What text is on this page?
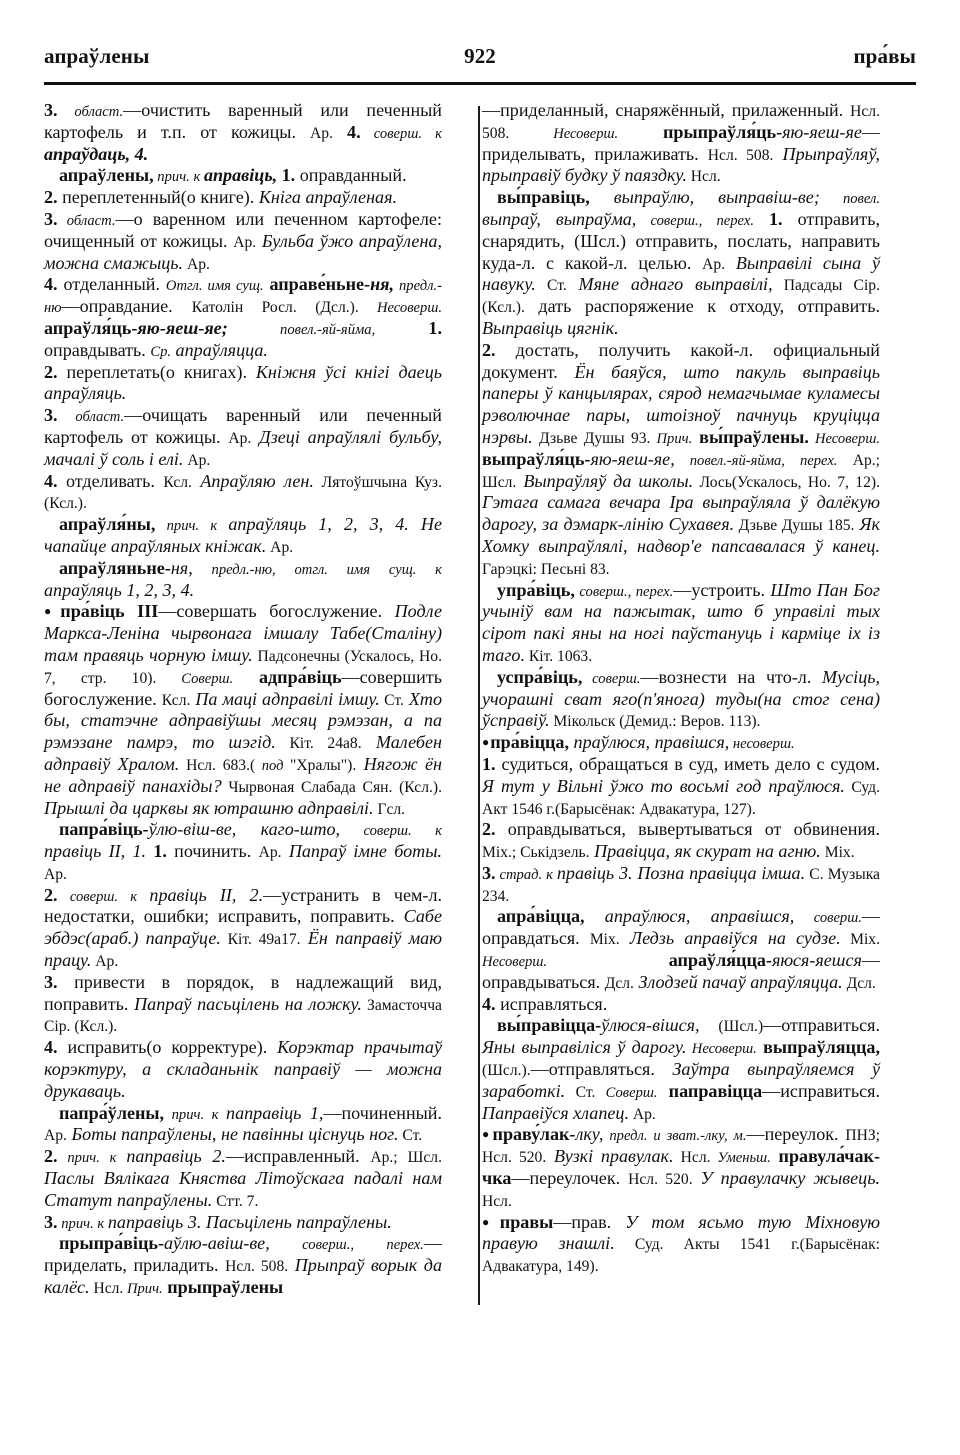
апраўлены	922	пра́вы

3. област.—очистить варенный или печенный картофель и т.п. от кожицы. Ар. 4. соверш. к апраўдаць, 4.

апраўлены, прич. к аправіць, 1. оправданный.

2. переплетенный(о книге). Кніга апраўленая.

3. област.—о варенном или печенном картофеле: очищенный от кожицы. Ар. Бульба ўжо апраўлена, можна смажыць. Ар.

4. отделанный. Отгл. имя сущ. аправе́ньне-ня, предл.-ню—оправдание. Католін Росл. (Дсл.). Несоверш. апраўля́ць-яю-яеш-яе; повел.-яй-яйма, 1. оправдывать. Ср. апраўляцца.

2. переплетать(о книгах). Кніжня ўсі кнігі даець апраўляць.

3. област.—очищать варенный или печенный картофель от кожицы. Ар. Дзеці апраўлялі бульбу, мачалі ў соль і елі. Ар.

4. отделивать. Ксл. Апраўляю лен. Лятоўшчына Куз. (Ксл.).

апраўля́ны, прич. к апраўляць 1, 2, 3, 4. Не чапайце апраўляных кніжак. Ар.

апраўляньне-ня, предл.-ню, отгл. имя сущ. к апраўляць 1, 2, 3, 4.

● пра́віць III—совершать богослужение. Подле Маркса-Леніна чырвонага імшалу Табе(Сталіну) там правяць чорную імшу. Падсонечны (Ускалось, Но. 7, стр. 10). Соверш. адпра́віць—совершить богослужение. Ксл. Па маці адправілі імшу. Ст. Хто бы, статэчне адправіўшы месяц рэмэзан, а па рэмэзане памрэ, то шэгід. Кіт. 24а8. Малебен адправіў Хралом. Нсл. 683.( под "Хралы"). Нягож ён не адправіў панахіды? Чырвоная Слабада Сян. (Ксл.). Прышлі да царквы як ютрашню адправілі. Гсл.

папра́віць-ўлю-віш-ве, каго-што, соверш. к правіць II, 1. 1. починить. Ар. Папраў імне боты. Ар.

2. соверш. к правіць II, 2.—устранить в чем-л. недостатки, ошибки; исправить, поправить. Сабе эбдэс(араб.) папраўце. Кіт. 49а17. Ён паправіў маю працу. Ар.

3. привести в порядок, в надлежащий вид, поправить. Папраў пасьцілень на ложку. Замасточча Сір. (Ксл.).

4. исправить(о корректуре). Корэктар прачытаў корэктуру, а складаньнік паправіў — можна друкаваць.

папра́ўлены, прич. к паправіць 1,—починенный. Ар. Боты папраўлены, не павінны ціснуць ног. Ст.

2. прич. к паправіць 2.—исправленный. Ар.; Шсл. Паслы Вялікага Княства Літоўскага падалі нам Статут папраўлены. Стт. 7.

3. прич. к паправіць 3. Пасьцілень папраўлены.

прыпра́віць-аўлю-авіш-ве, соверш., перех.—приделать, приладить. Нсл. 508. Прыпраў ворык да калёс. Нсл. Прич. прыпраўлены

—приделанный, снаряжённый, прилаженный. Нсл. 508. Несоверш. прыпраўля́ць-яю-яеш-яе—приделывать, прилаживать. Нсл. 508. Прыпраўляў, прыправіў будку ў паяздку. Нсл.

вы́правіць, выпраўлю, выправіш-ве; повел. выпраў, выпраўма, соверш., перех. 1. отправить, снарядить, (Шсл.) отправить, послать, направить куда-л. с какой-л. целью. Ар. Выправілі сына ў навуку. Ст. Мяне аднаго выправілі, Падсады Сір. (Ксл.). дать распоряжение к отходу, отправить. Выправіць цягнік.

2. достать, получить какой-л. официальный документ. Ён баяўся, што пакуль выправіць паперы ў канцылярах, сярод немагчымае куламесы рэволючнае пары, штоізноў пачнуць круціцца нэрвы. Дзьве Душы 93. Прич. вы́праўлены. Несоверш. выпраўля́ць-яю-яеш-яе, повел.-яй-яйма, перех. Ар.; Шсл. Выпраўляў да школы. Лось(Ускалось, Но. 7, 12). Гэтага самага вечара Іра выпраўляла ў далёкую дарогу, за дэмарк-лінію Сухавея. Дзьве Душы 185. Як Хомку выпраўлялі, надвор'е папсавалася ў канец. Гарэцкі: Песьні 83.

упра́віць, соверш., перех.—устроить. Што Пан Бог учыніў вам на пажытак, што б управілі тых сірот пакі яны на ногі паўстануць і карміце іх із таго. Кіт. 1063.

успра́віць, соверш.—вознести на что-л. Мусіць, учорашні сват яго(п'янога) туды(на стог сена) ўсправіў. Мікольск (Демид.: Веров. 113).

● пра́віцца, праўлюся, правішся, несоверш.

1. судиться, обращаться в суд, иметь дело с судом. Я тут у Вільні ўжо то восьмі год праўлюся. Суд. Акт 1546 г.(Барысёнак: Адвакатура, 127).

2. оправдываться, вывертываться от обвинения. Міх.; Ськідзель. Правіцца, як скурат на агню. Міх.

3. страд. к правіць 3. Позна правіцца імша. С. Музыка 234.

апра́віцца, апраўлюся, аправішся, соверш.—оправдаться. Міх. Ледзь аправіўся на судзе. Міх. Несоверш. апраўля́цца-яюся-яешся—оправдываться. Дсл. Злодзей пачаў апраўляцца. Дсл.

4. исправляться.

вы́правіцца-ўлюся-вішся, (Шсл.)—отправиться. Яны выправіліся ў дарогу. Несоверш. выпраўляцца, (Шсл.).—отправляться. Заўтра выпраўляемся ў заработкі. Ст. Соверш. паправіцца—исправиться. Паправіўся хлапец. Ар.

● праву́лак-лку, предл. и зват.-лку, м.—переулок. ПНЗ; Нсл. 520. Вузкі правулак. Нсл. Уменьш. правула́чак-чка—переулочек. Нсл. 520. У правулачку жывець. Нсл.

● правы—прав. У том ясьмо тую Міхновую правую знашлі. Суд. Акты 1541 г.(Барысёнак: Адвакатура, 149).
